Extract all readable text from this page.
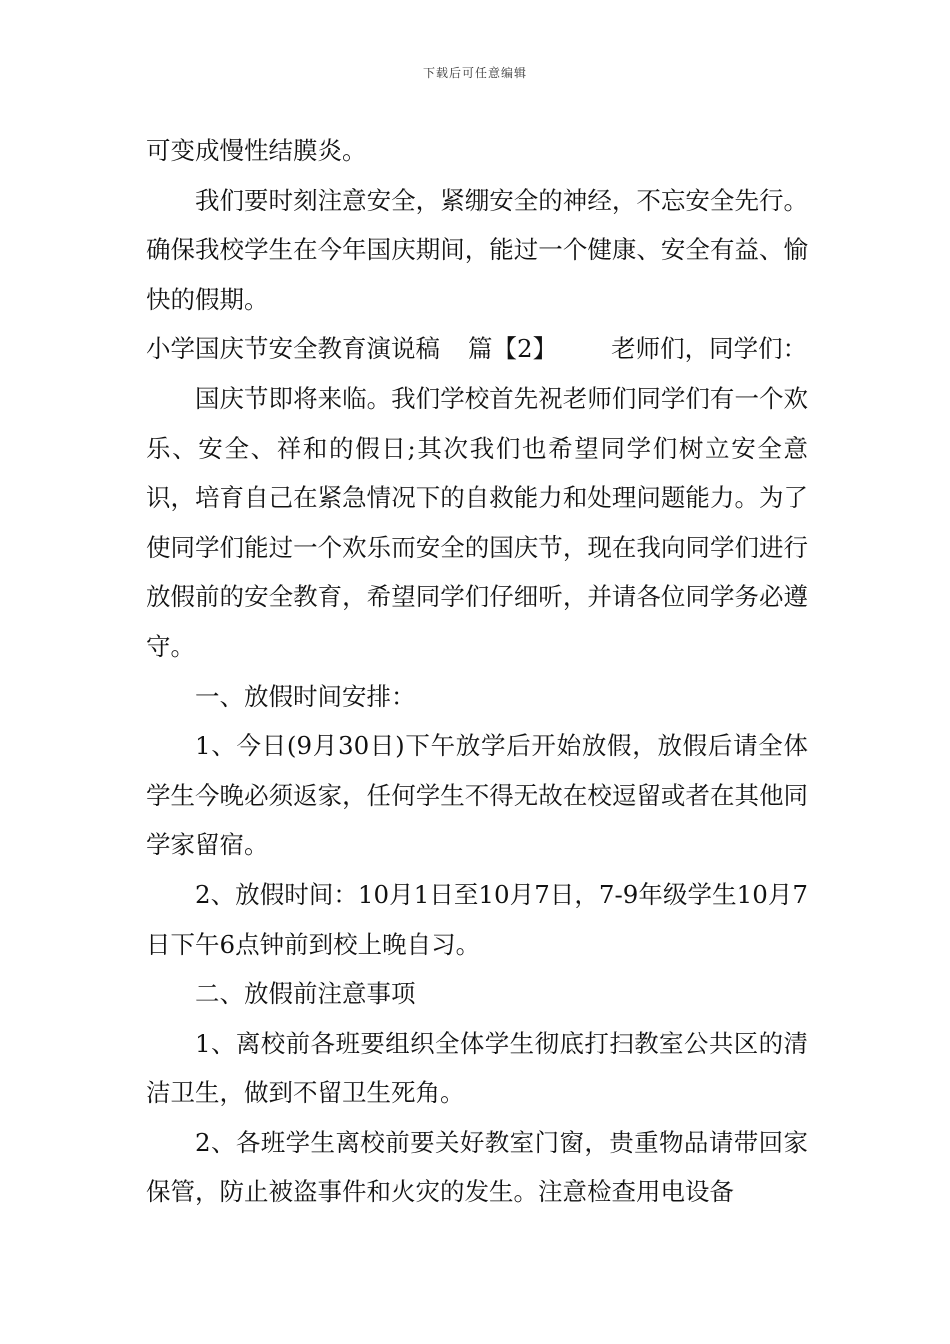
下载后可任意编辑

可变成慢性结膜炎。

我们要时刻注意安全，紧绷安全的神经，不忘安全先行。确保我校学生在今年国庆期间，能过一个健康、安全有益、愉快的假期。

小学国庆节安全教育演说稿 篇【2】 老师们，同学们：

国庆节即将来临。我们学校首先祝老师们同学们有一个欢乐、安全、祥和的假日;其次我们也希望同学们树立安全意识，培育自己在紧急情况下的自救能力和处理问题能力。为了使同学们能过一个欢乐而安全的国庆节，现在我向同学们进行放假前的安全教育，希望同学们仔细听，并请各位同学务必遵守。

一、放假时间安排：

1、今日(9月30日)下午放学后开始放假，放假后请全体学生今晚必须返家，任何学生不得无故在校逗留或者在其他同学家留宿。

2、放假时间：10月1日至10月7日，7-9年级学生10月7日下午6点钟前到校上晚自习。

二、放假前注意事项

1、离校前各班要组织全体学生彻底打扫教室公共区的清洁卫生，做到不留卫生死角。

2、各班学生离校前要关好教室门窗，贵重物品请带回家保管，防止被盗事件和火灾的发生。注意检查用电设备
